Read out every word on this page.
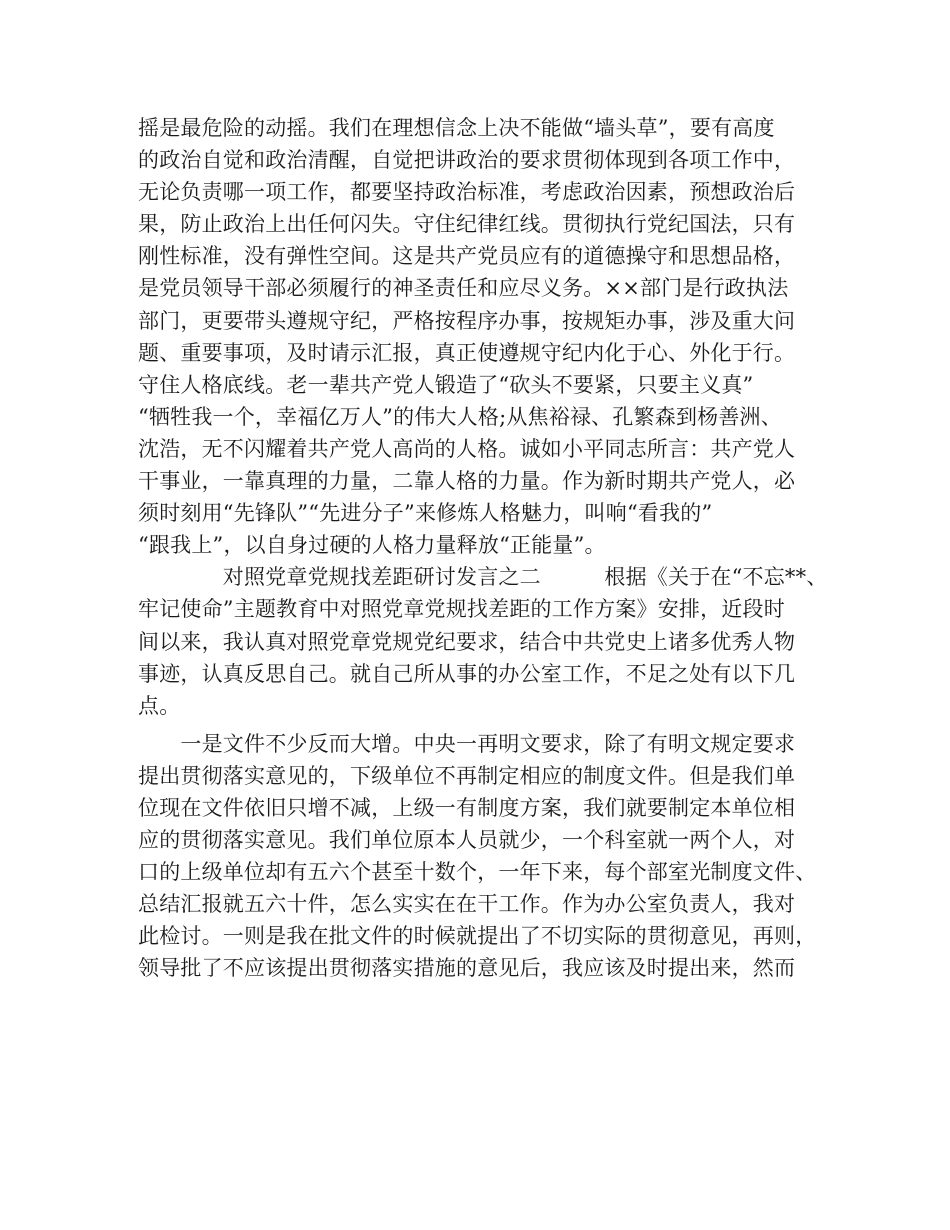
摇是最危险的动摇。我们在理想信念上决不能做“墙头草”，要有高度
的政治自觉和政治清醒，自觉把讲政治的要求贯彻体现到各项工作中，
无论负责哪一项工作，都要坚持政治标准，考虑政治因素，预想政治后
果，防止政治上出任何闪失。守住纪律红线。贯彻执行党纪国法，只有
刚性标准，没有弹性空间。这是共产党员应有的道德操守和思想品格，
是党员领导干部必须履行的神圣责任和应尽义务。××部门是行政执法
部门，更要带头遵规守纪，严格按程序办事，按规矩办事，涉及重大问
题、重要事项，及时请示汇报，真正使遵规守纪内化于心、外化于行。
守住人格底线。老一辈共产党人锻造了“砍头不要紧，只要主义真”
“牺牲我一个，幸福亿万人”的伟大人格;从焦裕禄、孔繁森到杨善洲、
沈浩，无不闪耀着共产党人高尚的人格。诚如小平同志所言：共产党人
干事业，一靠真理的力量，二靠人格的力量。作为新时期共产党人，必
须时刻用“先锋队”“先进分子”来修炼人格魅力，叫响“看我的”
“跟我上”，以自身过硬的人格力量释放“正能量”。
　　　　对照党章党规找差距研讨发言之二　　　根据《关于在“不忘**、
牢记使命”主题教育中对照党章党规找差距的工作方案》安排，近段时
间以来，我认真对照党章党规党纪要求，结合中共党史上诸多优秀人物
事迹，认真反思自己。就自己所从事的办公室工作，不足之处有以下几
点。
　　一是文件不少反而大增。中央一再明文要求，除了有明文规定要求
提出贯彻落实意见的，下级单位不再制定相应的制度文件。但是我们单
位现在文件依旧只增不减，上级一有制度方案，我们就要制定本单位相
应的贯彻落实意见。我们单位原本人员就少，一个科室就一两个人，对
口的上级单位却有五六个甚至十数个，一年下来，每个部室光制度文件、
总结汇报就五六十件，怎么实实在在干工作。作为办公室负责人，我对
此检讨。一则是我在批文件的时候就提出了不切实际的贯彻意见，再则，
领导批了不应该提出贯彻落实措施的意见后，我应该及时提出来，然而
